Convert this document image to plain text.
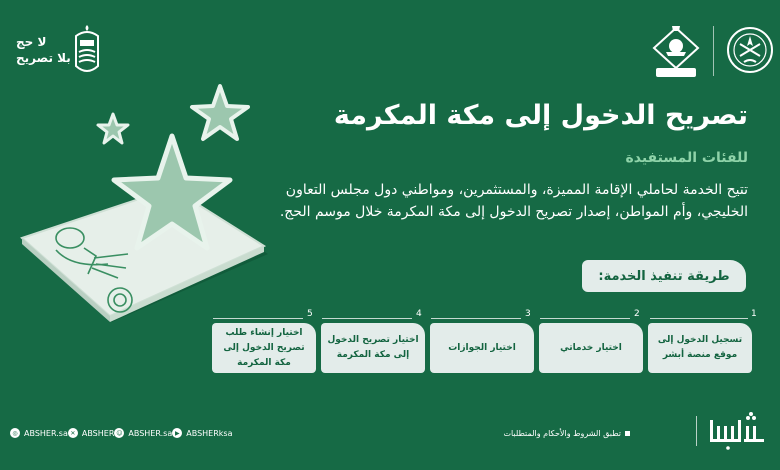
لا حج
بلا تصريح
تصريح الدخول إلى مكة المكرمة
للفئات المستفيدة
تتيح الخدمة لحاملي الإقامة المميزة، والمستثمرين، ومواطني دول مجلس التعاون الخليجي، وأم المواطن، إصدار تصريح الدخول إلى مكة المكرمة خلال موسم الحج.
طريقة تنفيذ الخدمة:
1
تسجيل الدخول إلى موقع منصة أبشر
2
اختيار خدماتي
3
اختيار الجوازات
4
اختيار تصريح الدخول إلى مكة المكرمة
5
اختيار إنشاء طلب تصريح الدخول إلى مكة المكرمة
◎ ABSHER.sa ✕ ABSHER ☺ ABSHER.sa ▶ ABSHERksa	تطبق الشروط والأحكام والمتطلبات
